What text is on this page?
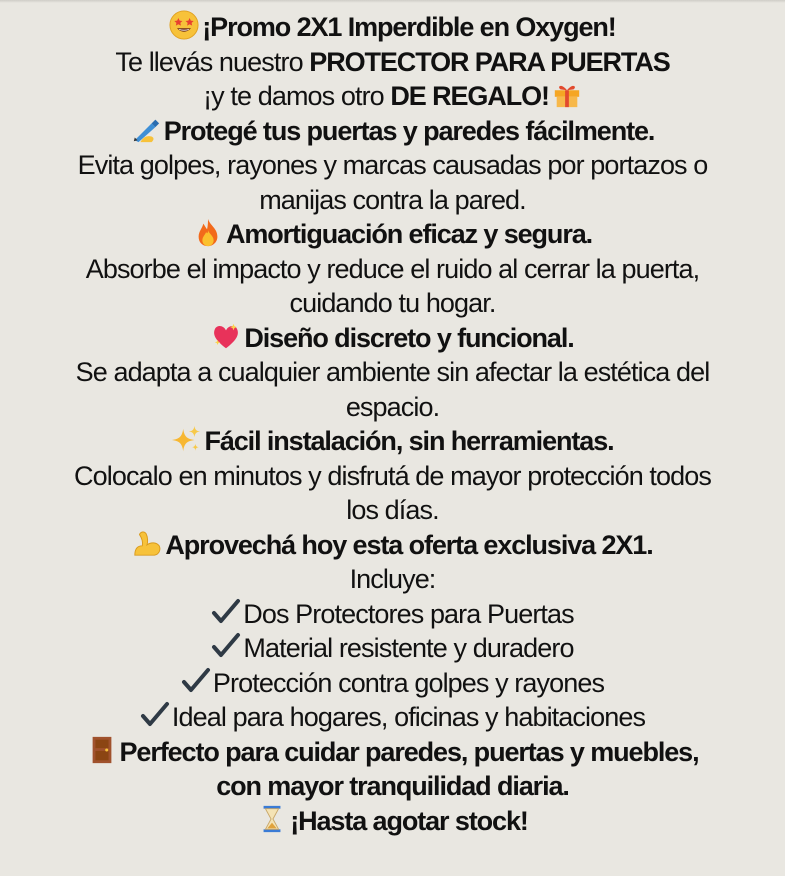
¡Promo 2X1 Imperdible en Oxygen!
Te llevás nuestro PROTECTOR PARA PUERTAS
¡y te damos otro DE REGALO!
Protegé tus puertas y paredes fácilmente.
Evita golpes, rayones y marcas causadas por portazos o
manijas contra la pared.
Amortiguación eficaz y segura.
Absorbe el impacto y reduce el ruido al cerrar la puerta,
cuidando tu hogar.
Diseño discreto y funcional.
Se adapta a cualquier ambiente sin afectar la estética del
espacio.
Fácil instalación, sin herramientas.
Colocalo en minutos y disfrutá de mayor protección todos
los días.
Aprovechá hoy esta oferta exclusiva 2X1.
Incluye:
Dos Protectores para Puertas
Material resistente y duradero
Protección contra golpes y rayones
Ideal para hogares, oficinas y habitaciones
Perfecto para cuidar paredes, puertas y muebles,
con mayor tranquilidad diaria.
¡Hasta agotar stock!
